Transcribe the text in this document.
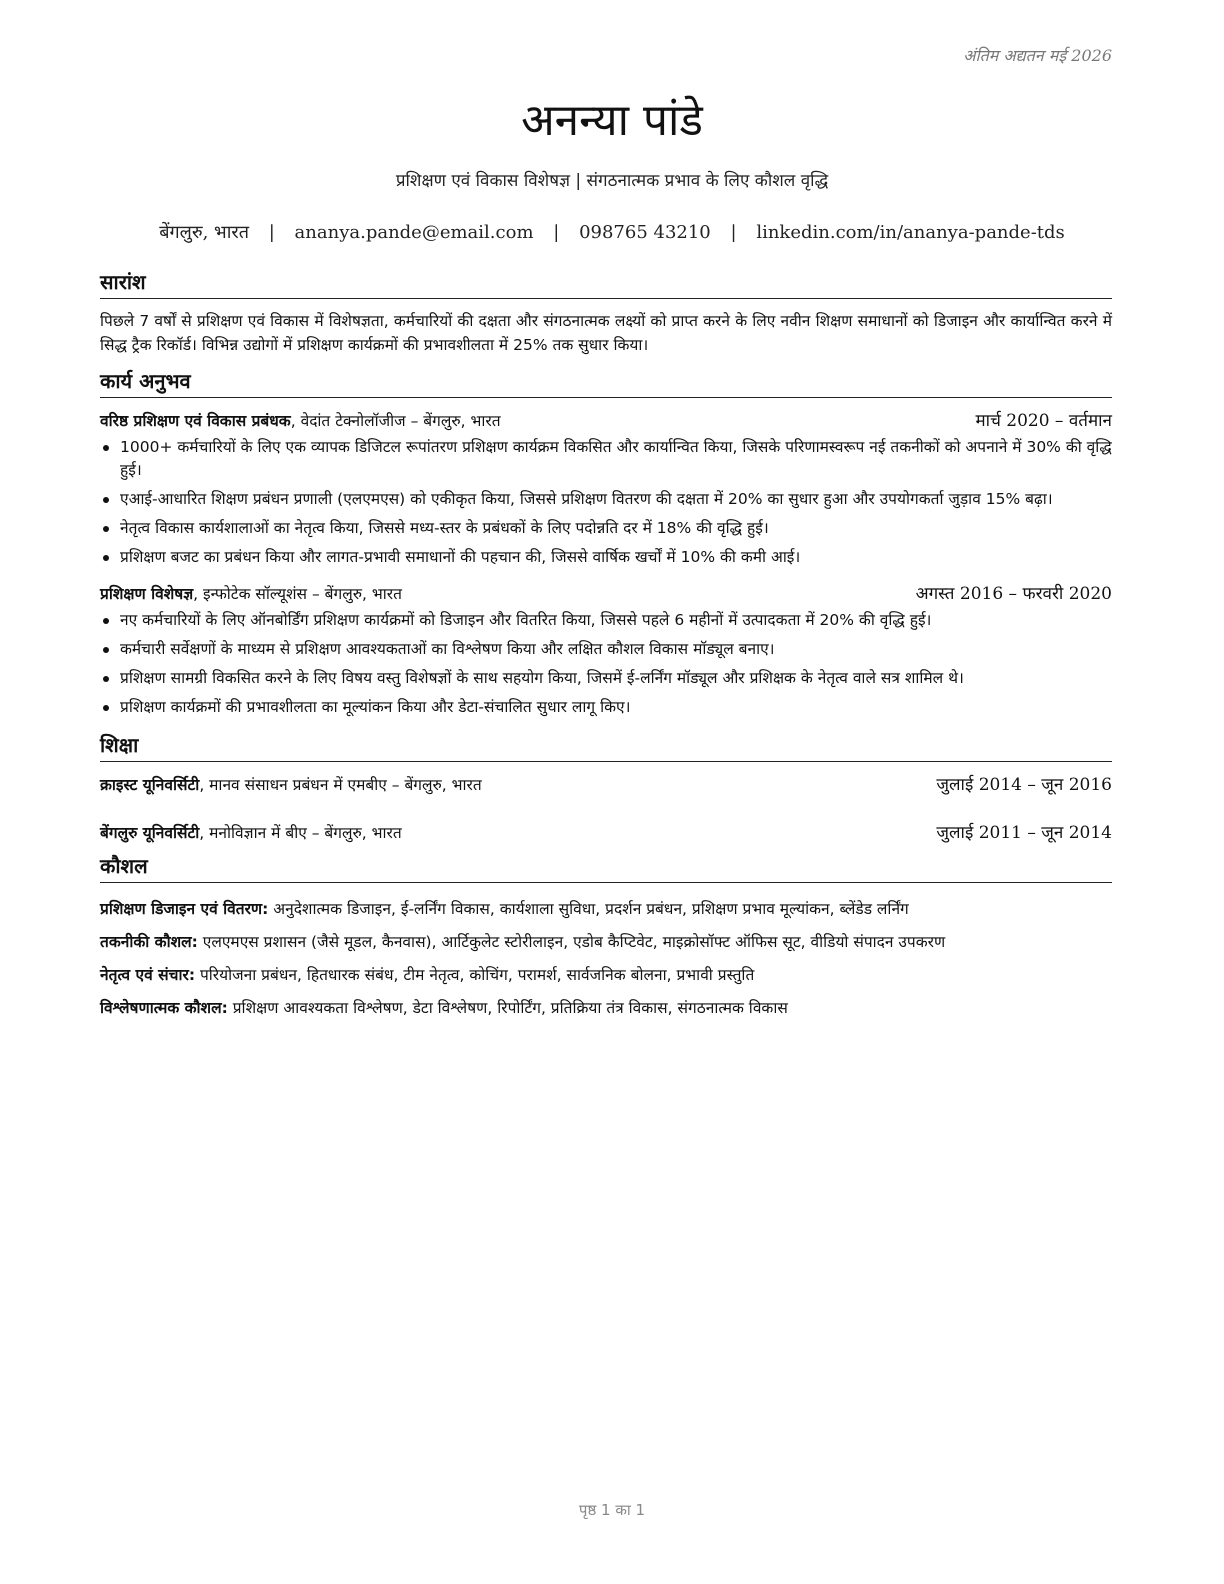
अंतिम अद्यतन मई 2026
अनन्या पांडे
प्रशिक्षण एवं विकास विशेषज्ञ | संगठनात्मक प्रभाव के लिए कौशल वृद्धि
बेंगलुरु, भारत | ananya.pande@email.com | 098765 43210 | linkedin.com/in/ananya-pande-tds
सारांश
पिछले 7 वर्षों से प्रशिक्षण एवं विकास में विशेषज्ञता, कर्मचारियों की दक्षता और संगठनात्मक लक्ष्यों को प्राप्त करने के लिए नवीन शिक्षण समाधानों को डिजाइन और कार्यान्वित करने में सिद्ध ट्रैक रिकॉर्ड। विभिन्न उद्योगों में प्रशिक्षण कार्यक्रमों की प्रभावशीलता में 25% तक सुधार किया।
कार्य अनुभव
वरिष्ठ प्रशिक्षण एवं विकास प्रबंधक, वेदांत टेक्नोलॉजीज – बेंगलुरु, भारत	मार्च 2020 – वर्तमान
1000+ कर्मचारियों के लिए एक व्यापक डिजिटल रूपांतरण प्रशिक्षण कार्यक्रम विकसित और कार्यान्वित किया, जिसके परिणामस्वरूप नई तकनीकों को अपनाने में 30% की वृद्धि हुई।
एआई-आधारित शिक्षण प्रबंधन प्रणाली (एलएमएस) को एकीकृत किया, जिससे प्रशिक्षण वितरण की दक्षता में 20% का सुधार हुआ और उपयोगकर्ता जुड़ाव 15% बढ़ा।
नेतृत्व विकास कार्यशालाओं का नेतृत्व किया, जिससे मध्य-स्तर के प्रबंधकों के लिए पदोन्नति दर में 18% की वृद्धि हुई।
प्रशिक्षण बजट का प्रबंधन किया और लागत-प्रभावी समाधानों की पहचान की, जिससे वार्षिक खर्चों में 10% की कमी आई।
प्रशिक्षण विशेषज्ञ, इन्फोटेक सॉल्यूशंस – बेंगलुरु, भारत	अगस्त 2016 – फरवरी 2020
नए कर्मचारियों के लिए ऑनबोर्डिंग प्रशिक्षण कार्यक्रमों को डिजाइन और वितरित किया, जिससे पहले 6 महीनों में उत्पादकता में 20% की वृद्धि हुई।
कर्मचारी सर्वेक्षणों के माध्यम से प्रशिक्षण आवश्यकताओं का विश्लेषण किया और लक्षित कौशल विकास मॉड्यूल बनाए।
प्रशिक्षण सामग्री विकसित करने के लिए विषय वस्तु विशेषज्ञों के साथ सहयोग किया, जिसमें ई-लर्निंग मॉड्यूल और प्रशिक्षक के नेतृत्व वाले सत्र शामिल थे।
प्रशिक्षण कार्यक्रमों की प्रभावशीलता का मूल्यांकन किया और डेटा-संचालित सुधार लागू किए।
शिक्षा
क्राइस्ट यूनिवर्सिटी, मानव संसाधन प्रबंधन में एमबीए – बेंगलुरु, भारत	जुलाई 2014 – जून 2016
बेंगलुरु यूनिवर्सिटी, मनोविज्ञान में बीए – बेंगलुरु, भारत	जुलाई 2011 – जून 2014
कौशल
प्रशिक्षण डिजाइन एवं वितरण: अनुदेशात्मक डिजाइन, ई-लर्निंग विकास, कार्यशाला सुविधा, प्रदर्शन प्रबंधन, प्रशिक्षण प्रभाव मूल्यांकन, ब्लेंडेड लर्निंग
तकनीकी कौशल: एलएमएस प्रशासन (जैसे मूडल, कैनवास), आर्टिकुलेट स्टोरीलाइन, एडोब कैप्टिवेट, माइक्रोसॉफ्ट ऑफिस सूट, वीडियो संपादन उपकरण
नेतृत्व एवं संचार: परियोजना प्रबंधन, हितधारक संबंध, टीम नेतृत्व, कोचिंग, परामर्श, सार्वजनिक बोलना, प्रभावी प्रस्तुति
विश्लेषणात्मक कौशल: प्रशिक्षण आवश्यकता विश्लेषण, डेटा विश्लेषण, रिपोर्टिंग, प्रतिक्रिया तंत्र विकास, संगठनात्मक विकास
पृष्ठ 1 का 1
